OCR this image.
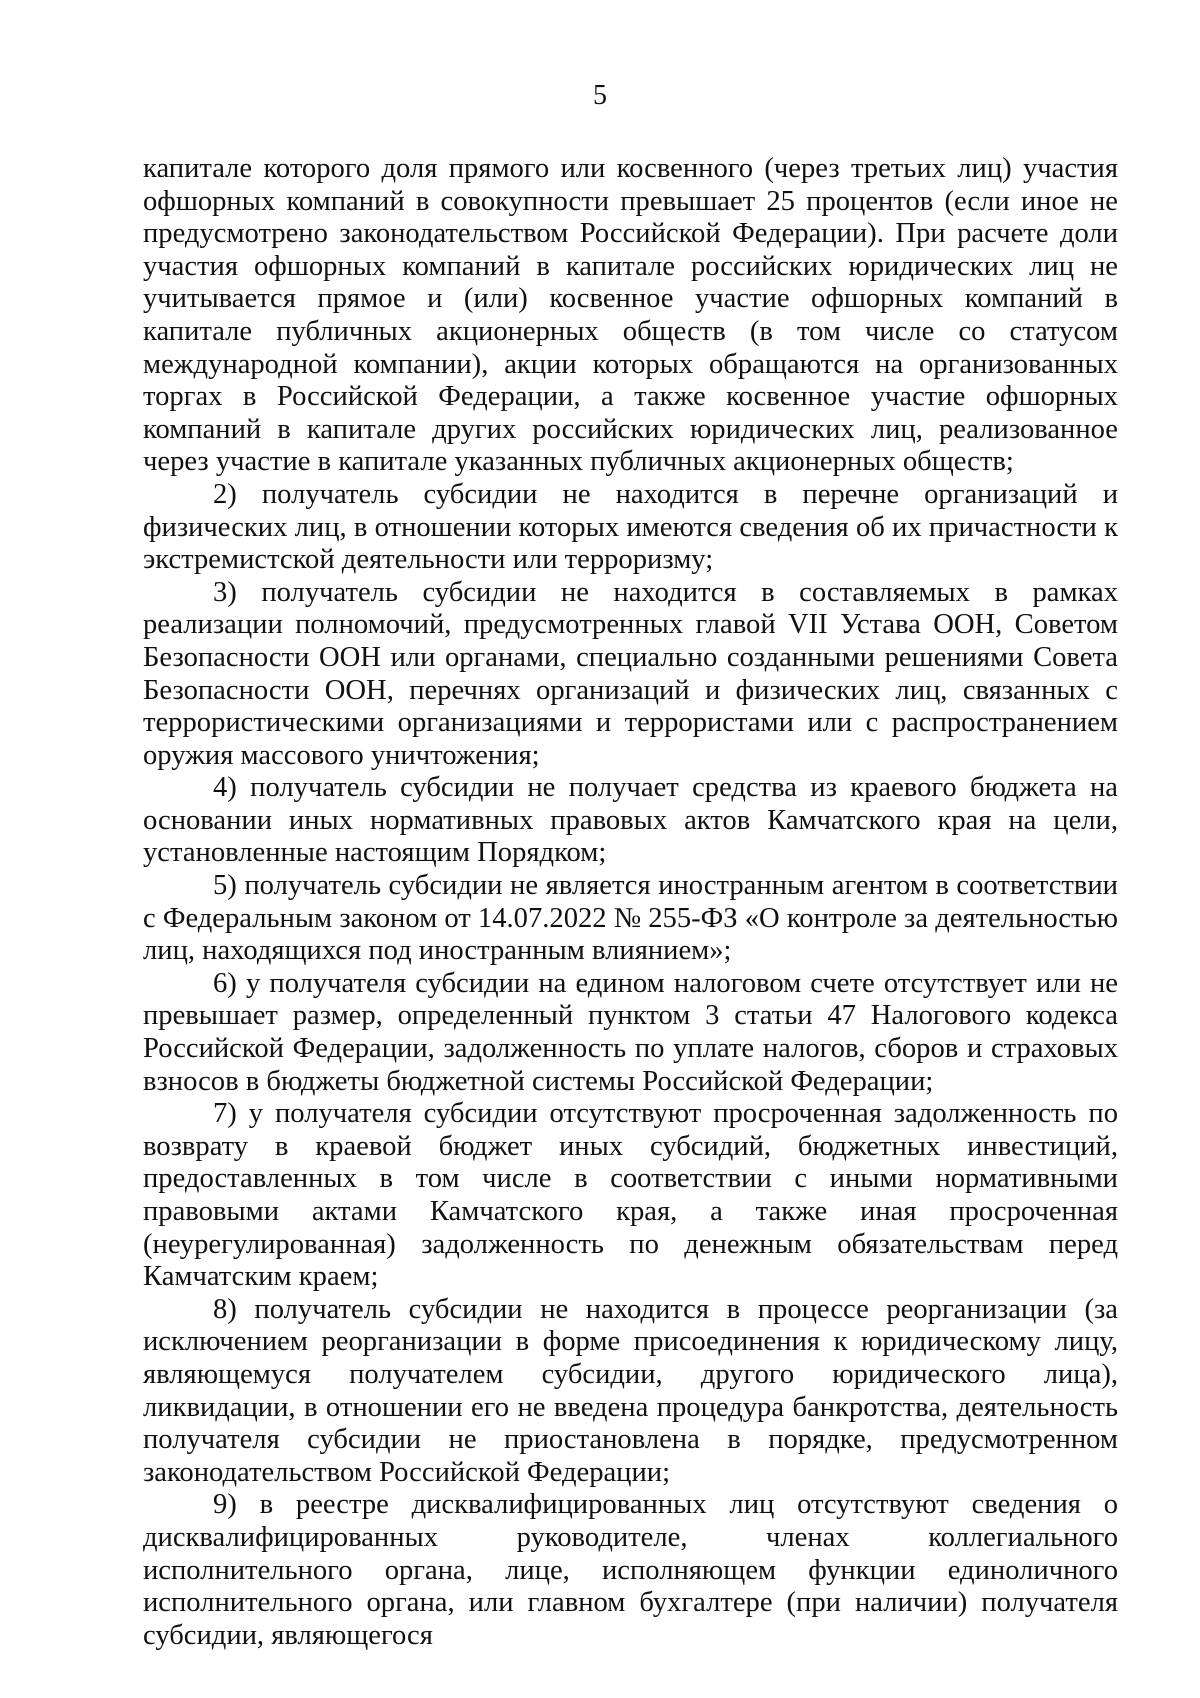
5

капитале которого доля прямого или косвенного (через третьих лиц) участия офшорных компаний в совокупности превышает 25 процентов (если иное не предусмотрено законодательством Российской Федерации). При расчете доли участия офшорных компаний в капитале российских юридических лиц не учитывается прямое и (или) косвенное участие офшорных компаний в капитале публичных акционерных обществ (в том числе со статусом международной компании), акции которых обращаются на организованных торгах в Российской Федерации, а также косвенное участие офшорных компаний в капитале других российских юридических лиц, реализованное через участие в капитале указанных публичных акционерных обществ;

2) получатель субсидии не находится в перечне организаций и физических лиц, в отношении которых имеются сведения об их причастности к экстремистской деятельности или терроризму;

3) получатель субсидии не находится в составляемых в рамках реализации полномочий, предусмотренных главой VII Устава ООН, Советом Безопасности ООН или органами, специально созданными решениями Совета Безопасности ООН, перечнях организаций и физических лиц, связанных с террористическими организациями и террористами или с распространением оружия массового уничтожения;

4) получатель субсидии не получает средства из краевого бюджета на основании иных нормативных правовых актов Камчатского края на цели, установленные настоящим Порядком;

5) получатель субсидии не является иностранным агентом в соответствии с Федеральным законом от 14.07.2022 № 255-ФЗ «О контроле за деятельностью лиц, находящихся под иностранным влиянием»;

6) у получателя субсидии на едином налоговом счете отсутствует или не превышает размер, определенный пунктом 3 статьи 47 Налогового кодекса Российской Федерации, задолженность по уплате налогов, сборов и страховых взносов в бюджеты бюджетной системы Российской Федерации;

7) у получателя субсидии отсутствуют просроченная задолженность по возврату в краевой бюджет иных субсидий, бюджетных инвестиций, предоставленных в том числе в соответствии с иными нормативными правовыми актами Камчатского края, а также иная просроченная (неурегулированная) задолженность по денежным обязательствам перед Камчатским краем;

8) получатель субсидии не находится в процессе реорганизации (за исключением реорганизации в форме присоединения к юридическому лицу, являющемуся получателем субсидии, другого юридического лица), ликвидации, в отношении его не введена процедура банкротства, деятельность получателя субсидии не приостановлена в порядке, предусмотренном законодательством Российской Федерации;

9) в реестре дисквалифицированных лиц отсутствуют сведения о дисквалифицированных руководителе, членах коллегиального исполнительного органа, лице, исполняющем функции единоличного исполнительного органа, или главном бухгалтере (при наличии) получателя субсидии, являющегося
